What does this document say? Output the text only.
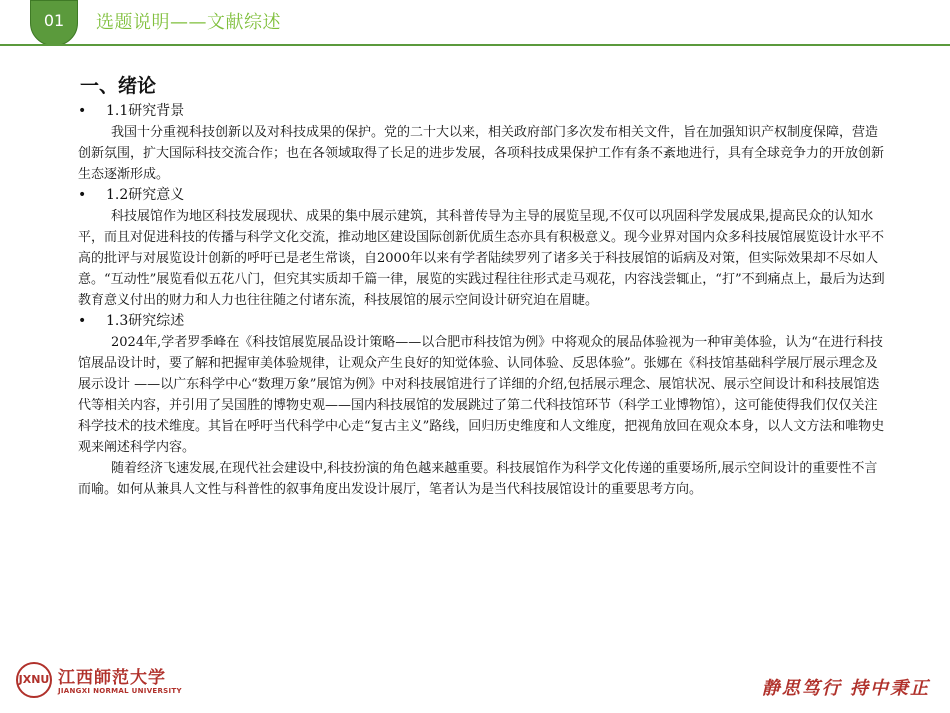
01	选题说明——文献综述
一、绪论
• 1.1研究背景

我国十分重视科技创新以及对科技成果的保护。党的二十大以来，相关政府部门多次发布相关文件，旨在加强知识产权制度保障，营造创新氛围，扩大国际科技交流合作；也在各领域取得了长足的进步发展，各项科技成果保护工作有条不紊地进行，具有全球竞争力的开放创新生态逐渐形成。

• 1.2研究意义

科技展馆作为地区科技发展现状、成果的集中展示建筑，其科普传导为主导的展览呈现,不仅可以巩固科学发展成果,提高民众的认知水平，而且对促进科技的传播与科学文化交流，推动地区建设国际创新优质生态亦具有积极意义。现今业界对国内众多科技展馆展览设计水平不高的批评与对展览设计创新的呼吁已是老生常谈，自2000年以来有学者陆续罗列了诸多关于科技展馆的诟病及对策，但实际效果却不尽如人意。“互动性”展览看似五花八门，但究其实质却千篇一律，展览的实践过程往往形式走马观花，内容浅尝辄止，“打”不到痛点上，最后为达到教育意义付出的财力和人力也往往随之付诸东流，科技展馆的展示空间设计研究迫在眉睫。

• 1.3研究综述

2024年,学者罗季峰在《科技馆展览展品设计策略——以合肥市科技馆为例》中将观众的展品体验视为一种审美体验，认为“在进行科技馆展品设计时，要了解和把握审美体验规律，让观众产生良好的知觉体验、认同体验、反思体验”。张娜在《科技馆基础科学展厅展示理念及展示设计 ——以广东科学中心“数理万象”展馆为例》中对科技展馆进行了详细的介绍,包括展示理念、展馆状况、展示空间设计和科技展馆迭代等相关内容，并引用了吴国胜的博物史观——国内科技展馆的发展跳过了第二代科技馆环节（科学工业博物馆），这可能使得我们仅仅关注科学技术的技术维度。其旨在呼吁当代科学中心走“复古主义”路线，回归历史维度和人文维度，把视角放回在观众本身，以人文方法和唯物史观来阐述科学内容。

随着经济飞速发展,在现代社会建设中,科技扮演的角色越来越重要。科技展馆作为科学文化传递的重要场所,展示空间设计的重要性不言而喻。如何从兼具人文性与科普性的叙事角度出发设计展厅，笔者认为是当代科技展馆设计的重要思考方向。

JXNU 江西師范大学
JIANGXI NORMAL UNIVERSITY	静思笃行 持中秉正
